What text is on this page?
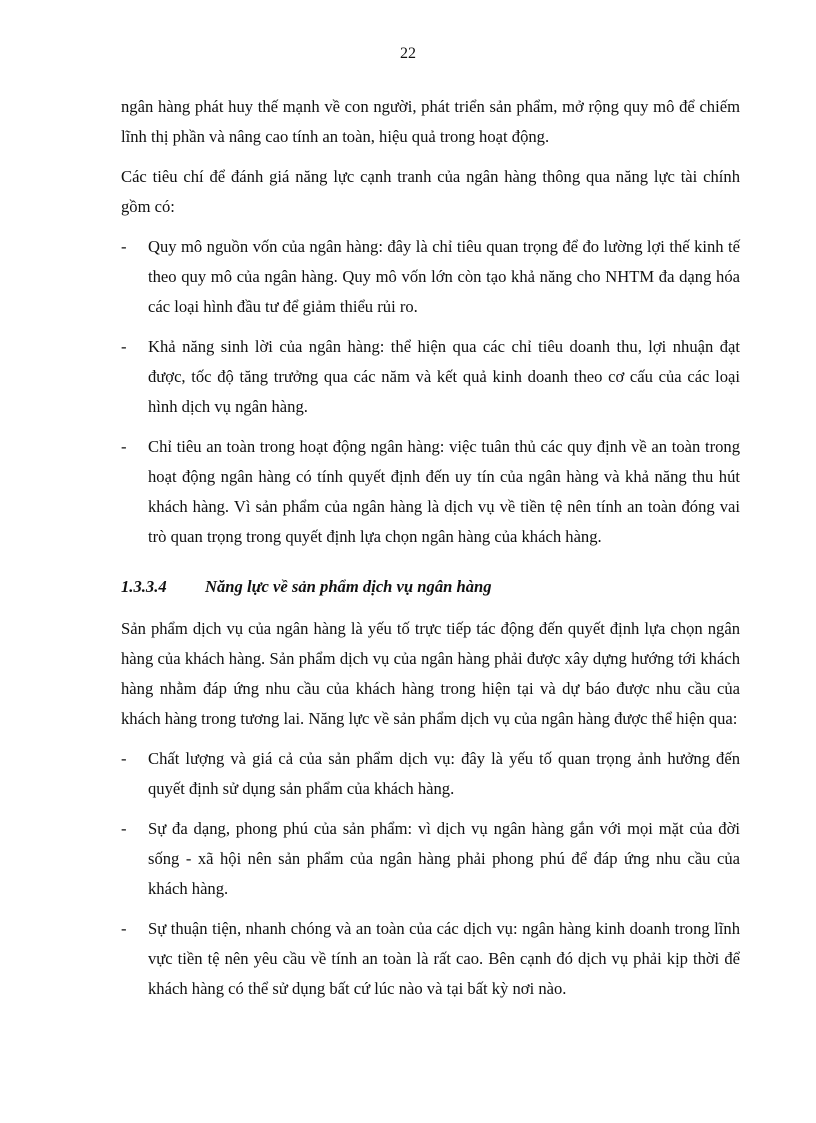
22

ngân hàng phát huy thế mạnh về con người, phát triển sản phẩm, mở rộng quy mô để chiếm lĩnh thị phần và nâng cao tính an toàn, hiệu quả trong hoạt động.

Các tiêu chí để đánh giá năng lực cạnh tranh của ngân hàng thông qua năng lực tài chính gồm có:

- Quy mô nguồn vốn của ngân hàng: đây là chỉ tiêu quan trọng để đo lường lợi thế kinh tế theo quy mô của ngân hàng. Quy mô vốn lớn còn tạo khả năng cho NHTM đa dạng hóa các loại hình đầu tư để giảm thiểu rủi ro.
- Khả năng sinh lời của ngân hàng: thể hiện qua các chỉ tiêu doanh thu, lợi nhuận đạt được, tốc độ tăng trưởng qua các năm và kết quả kinh doanh theo cơ cấu của các loại hình dịch vụ ngân hàng.
- Chỉ tiêu an toàn trong hoạt động ngân hàng: việc tuân thủ các quy định về an toàn trong hoạt động ngân hàng có tính quyết định đến uy tín của ngân hàng và khả năng thu hút khách hàng. Vì sản phẩm của ngân hàng là dịch vụ về tiền tệ nên tính an toàn đóng vai trò quan trọng trong quyết định lựa chọn ngân hàng của khách hàng.
1.3.3.4 Năng lực về sản phẩm dịch vụ ngân hàng

Sản phẩm dịch vụ của ngân hàng là yếu tố trực tiếp tác động đến quyết định lựa chọn ngân hàng của khách hàng. Sản phẩm dịch vụ của ngân hàng phải được xây dựng hướng tới khách hàng nhằm đáp ứng nhu cầu của khách hàng trong hiện tại và dự báo được nhu cầu của khách hàng trong tương lai. Năng lực về sản phẩm dịch vụ của ngân hàng được thể hiện qua:

- Chất lượng và giá cả của sản phẩm dịch vụ: đây là yếu tố quan trọng ảnh hưởng đến quyết định sử dụng sản phẩm của khách hàng.
- Sự đa dạng, phong phú của sản phẩm: vì dịch vụ ngân hàng gắn với mọi mặt của đời sống - xã hội nên sản phẩm của ngân hàng phải phong phú để đáp ứng nhu cầu của khách hàng.
- Sự thuận tiện, nhanh chóng và an toàn của các dịch vụ: ngân hàng kinh doanh trong lĩnh vực tiền tệ nên yêu cầu về tính an toàn là rất cao. Bên cạnh đó dịch vụ phải kịp thời để khách hàng có thể sử dụng bất cứ lúc nào và tại bất kỳ nơi nào.
